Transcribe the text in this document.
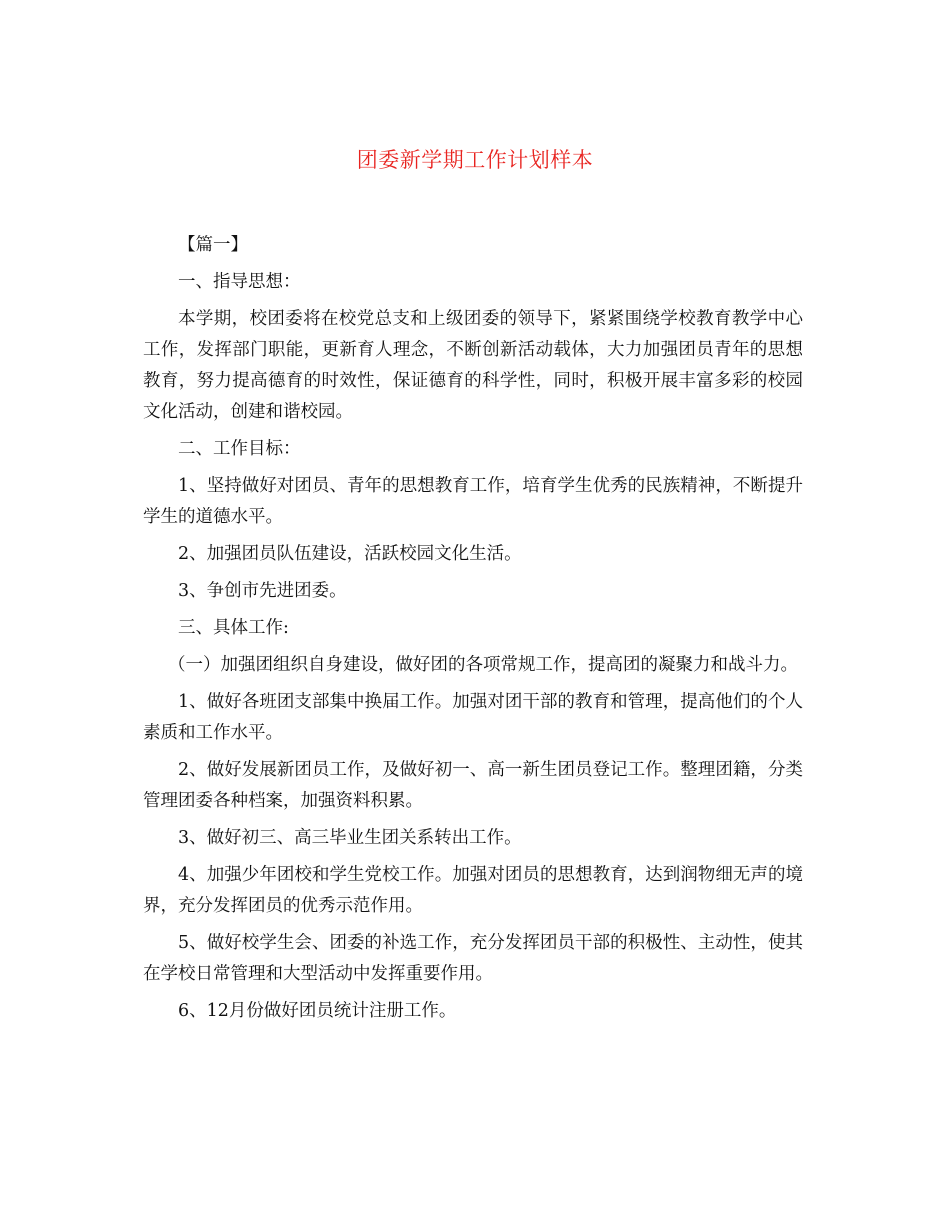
团委新学期工作计划样本

【篇一】

一、指导思想：

本学期，校团委将在校党总支和上级团委的领导下，紧紧围绕学校教育教学中心工作，发挥部门职能，更新育人理念，不断创新活动载体，大力加强团员青年的思想教育，努力提高德育的时效性，保证德育的科学性，同时，积极开展丰富多彩的校园文化活动，创建和谐校园。

二、工作目标：

1、坚持做好对团员、青年的思想教育工作，培育学生优秀的民族精神，不断提升学生的道德水平。

2、加强团员队伍建设，活跃校园文化生活。

3、争创市先进团委。

三、具体工作:

（一）加强团组织自身建设，做好团的各项常规工作，提高团的凝聚力和战斗力。

1、做好各班团支部集中换届工作。加强对团干部的教育和管理，提高他们的个人素质和工作水平。

2、做好发展新团员工作，及做好初一、高一新生团员登记工作。整理团籍，分类管理团委各种档案，加强资料积累。

3、做好初三、高三毕业生团关系转出工作。

4、加强少年团校和学生党校工作。加强对团员的思想教育，达到润物细无声的境界，充分发挥团员的优秀示范作用。

5、做好校学生会、团委的补选工作，充分发挥团员干部的积极性、主动性，使其在学校日常管理和大型活动中发挥重要作用。

6、12月份做好团员统计注册工作。
